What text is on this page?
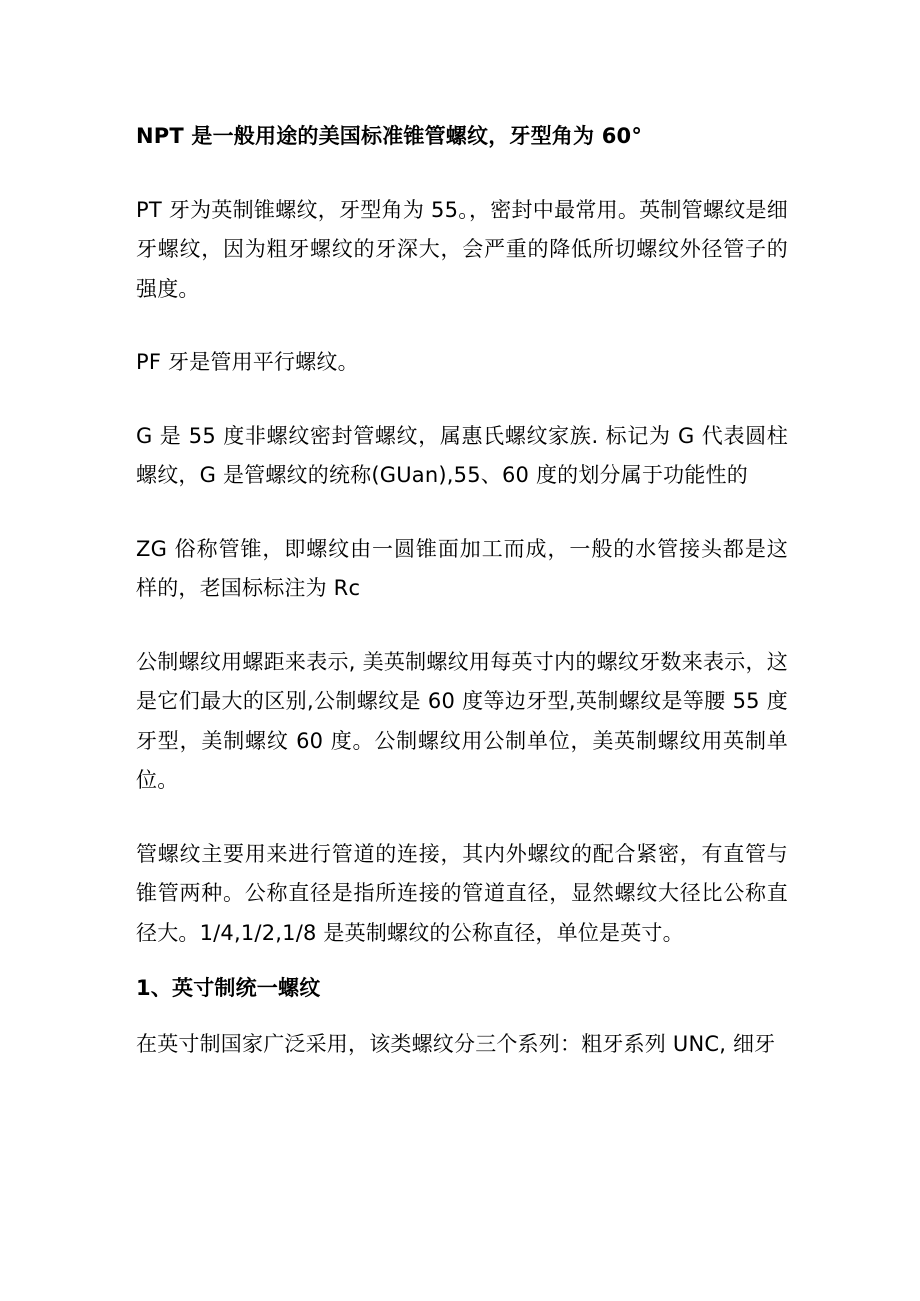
NPT 是一般用途的美国标准锥管螺纹，牙型角为 60°

PT 牙为英制锥螺纹，牙型角为 55。，密封中最常用。英制管螺纹是细牙螺纹，因为粗牙螺纹的牙深大，会严重的降低所切螺纹外径管子的强度。

PF 牙是管用平行螺纹。

G 是 55 度非螺纹密封管螺纹，属惠氏螺纹家族. 标记为 G 代表圆柱螺纹，G 是管螺纹的统称(GUan),55、60 度的划分属于功能性的

ZG 俗称管锥，即螺纹由一圆锥面加工而成，一般的水管接头都是这样的，老国标标注为 Rc

公制螺纹用螺距来表示, 美英制螺纹用每英寸内的螺纹牙数来表示，这是它们最大的区别,公制螺纹是 60 度等边牙型,英制螺纹是等腰 55 度牙型，美制螺纹 60 度。公制螺纹用公制单位，美英制螺纹用英制单位。

管螺纹主要用来进行管道的连接，其内外螺纹的配合紧密，有直管与锥管两种。公称直径是指所连接的管道直径，显然螺纹大径比公称直径大。1/4,1/2,1/8 是英制螺纹的公称直径，单位是英寸。

1、英寸制统一螺纹

在英寸制国家广泛采用，该类螺纹分三个系列：粗牙系列 UNC, 细牙
